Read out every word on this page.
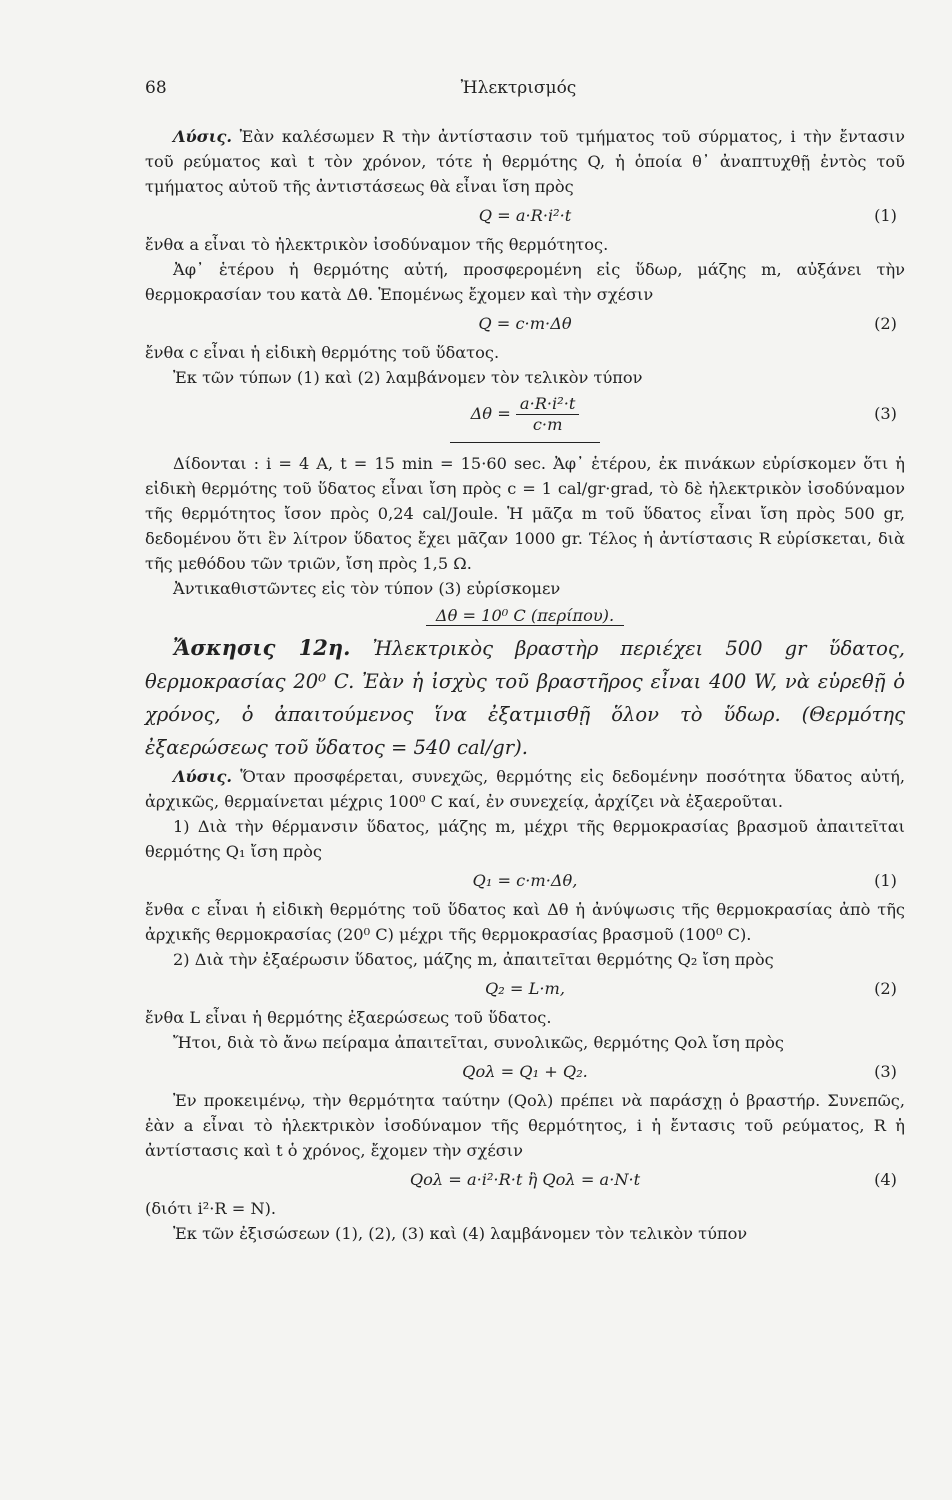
68	Ἠλεκτρισμός

Λύσις. Ἐὰν καλέσωμεν R τὴν ἀντίστασιν τοῦ τμήματος τοῦ σύρματος, i τὴν ἔντασιν τοῦ ρεύματος καὶ t τὸν χρόνον, τότε ἡ θερμότης Q, ἡ ὁποία θ᾽ ἀναπτυχθῇ ἐντὸς τοῦ τμήματος αὐτοῦ τῆς ἀντιστάσεως θὰ εἶναι ἴση πρὸς

Q = a·R·i²·t	(1)

ἔνθα a εἶναι τὸ ἠλεκτρικὸν ἰσοδύναμον τῆς θερμότητος.

Ἀφ᾽ ἑτέρου ἡ θερμότης αὐτή, προσφερομένη εἰς ὕδωρ, μάζης m, αὐξάνει τὴν θερμοκρασίαν του κατὰ Δθ. Ἑπομένως ἔχομεν καὶ τὴν σχέσιν

Q = c·m·Δθ	(2)

ἔνθα c εἶναι ἡ εἰδικὴ θερμότης τοῦ ὕδατος.

Ἐκ τῶν τύπων (1) καὶ (2) λαμβάνομεν τὸν τελικὸν τύπον

$\Delta\theta = \frac{\text{a·R·i²·t}}{c\cdot m}$	(3)

Δίδονται : i = 4 A, t = 15 min = 15·60 sec. Ἀφ᾽ ἑτέρου, ἐκ πινάκων εὑρίσκομεν ὅτι ἡ εἰδικὴ θερμότης τοῦ ὕδατος εἶναι ἴση πρὸς c = 1 cal/gr·grad, τὸ δὲ ἠλεκτρικὸν ἰσοδύναμον τῆς θερμότητος ἴσον πρὸς 0,24 cal/Joule. Ἡ μᾶζα m τοῦ ὕδατος εἶναι ἴση πρὸς 500 gr, δεδομένου ὅτι ἓν λίτρον ὕδατος ἔχει μᾶζαν 1000 gr. Τέλος ἡ ἀντίστασις R εὑρίσκεται, διὰ τῆς μεθόδου τῶν τριῶν, ἴση πρὸς 1,5 Ω.

Ἀντικαθιστῶντες εἰς τὸν τύπον (3) εὑρίσκομεν

Δθ = 10⁰ C (περίπου).

Ἄσκησις 12η. Ἠλεκτρικὸς βραστὴρ περιέχει 500 gr ὕδατος, θερμοκρασίας 20⁰ C. Ἐὰν ἡ ἰσχὺς τοῦ βραστῆρος εἶναι 400 W, νὰ εὑρεθῇ ὁ χρόνος, ὁ ἀπαιτούμενος ἵνα ἐξατμισθῇ ὅλον τὸ ὕδωρ. (Θερμότης ἐξαερώσεως τοῦ ὕδατος = 540 cal/gr).

Λύσις. Ὅταν προσφέρεται, συνεχῶς, θερμότης εἰς δεδομένην ποσότητα ὕδατος αὐτή, ἀρχικῶς, θερμαίνεται μέχρις 100⁰ C καί, ἐν συνεχείᾳ, ἀρχίζει νὰ ἐξαεροῦται.

1) Διὰ τὴν θέρμανσιν ὕδατος, μάζης m, μέχρι τῆς θερμοκρασίας βρασμοῦ ἀπαιτεῖται θερμότης Q₁ ἴση πρὸς

Q₁ = c·m·Δθ,	(1)

ἔνθα c εἶναι ἡ εἰδικὴ θερμότης τοῦ ὕδατος καὶ Δθ ἡ ἀνύψωσις τῆς θερμοκρασίας ἀπὸ τῆς ἀρχικῆς θερμοκρασίας (20⁰ C) μέχρι τῆς θερμοκρασίας βρασμοῦ (100⁰ C).

2) Διὰ τὴν ἐξαέρωσιν ὕδατος, μάζης m, ἀπαιτεῖται θερμότης Q₂ ἴση πρὸς

Q₂ = L·m,	(2)

ἔνθα L εἶναι ἡ θερμότης ἐξαερώσεως τοῦ ὕδατος.

Ἤτοι, διὰ τὸ ἄνω πείραμα ἀπαιτεῖται, συνολικῶς, θερμότης Qολ ἴση πρὸς

Qολ = Q₁ + Q₂.	(3)

Ἐν προκειμένῳ, τὴν θερμότητα ταύτην (Qολ) πρέπει νὰ παράσχῃ ὁ βραστήρ. Συνεπῶς, ἐὰν a εἶναι τὸ ἠλεκτρικὸν ἰσοδύναμον τῆς θερμότητος, i ἡ ἔντασις τοῦ ρεύματος, R ἡ ἀντίστασις καὶ t ὁ χρόνος, ἔχομεν τὴν σχέσιν

Qολ = a·i²·R·t ἢ Qολ = a·N·t	(4)

(διότι i²·R = N).

Ἐκ τῶν ἐξισώσεων (1), (2), (3) καὶ (4) λαμβάνομεν τὸν τελικὸν τύπον
